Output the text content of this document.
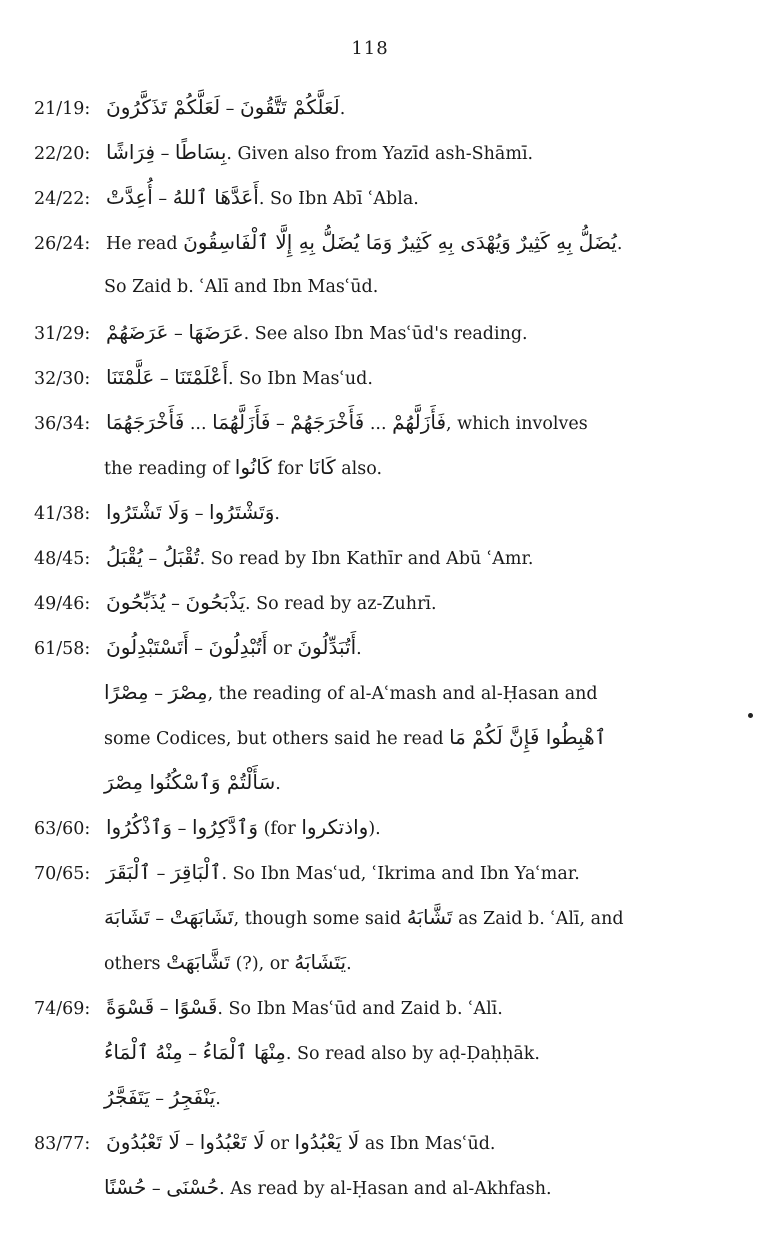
118
21/19: لَعَلَّكُمْ تَذَكَّرُونَ – لَعَلَّكُمْ تَتَّقُونَ.
22/20: فِرَاشًا – بِسَاطًا. Given also from Yazīd ash-Shāmī.
24/22: أُعِدَّتْ – أَعَدَّهَا ٱللهُ. So Ibn Abī ʿAbla.
26/24: He read يُضَلُّ بِهِ كَثِيرٌ وَيُهْدَى بِهِ كَثِيرٌ وَمَا يُضَلُّ بِهِ إِلَّا ٱلْفَاسِقُونَ.
So Zaid b. ʿAlī and Ibn Masʿūd.
31/29: عَرَضَهُمْ – عَرَضَهَا. See also Ibn Masʿūd's reading.
32/30: عَلَّمْتَنَا – أَعْلَمْتَنَا. So Ibn Masʿud.
36/34: فَأَخْرَجَهُمَا ... فَأَزَلَّهُمَا – فَأَخْرَجَهُمْ ... فَأَزَلَّهُمْ, which involves
the reading of كَانُوا for كَانَا also.
41/38: وَلَا تَشْتَرُوا – وَتَشْتَرُوا.
48/45: يُقْبَلُ – تُقْبَلُ. So read by Ibn Kathīr and Abū ʿAmr.
49/46: يُذَبِّحُونَ – يَذْبَحُونَ. So read by az-Zuhrī.
61/58: أَتَسْتَبْدِلُونَ – أَتُبْدِلُونَ or أَتُبَدِّلُونَ.
مِصْرًا – مِصْرَ, the reading of al-Aʿmash and al-Ḥasan and
some Codices, but others said he read ٱهْبِطُوا فَإِنَّ لَكُمْ مَا
سَأَلْتُمْ وَٱسْكُنُوا مِصْرَ.
63/60: وَٱذْكُرُوا – وَٱدَّكِرُوا (for واذتكروا).
70/65: ٱلْبَقَرَ – ٱلْبَاقِرَ. So Ibn Masʿud, ʿIkrima and Ibn Yaʿmar.
تَشَابَهَ – تَشَابَهَتْ, though some said تَشَّابَهُ as Zaid b. ʿAlī, and
others تَشَّابَهَتْ (?), or يَتَشَابَهُ.
74/69: قَسْوَةً – قَسْوًا. So Ibn Masʿūd and Zaid b. ʿAlī.
مِنْهُ ٱلْمَاءُ – مِنْهَا ٱلْمَاءُ. So read also by aḍ-Ḍaḥḥāk.
يَتَفَجَّرُ – يَنْفَجِرُ.
83/77: لَا تَعْبُدُونَ – لَا تَعْبُدُوا or لَا يَعْبُدُوا as Ibn Masʿūd.
حُسْنًا – حُسْنَى. As read by al-Ḥasan and al-Akhfash.
